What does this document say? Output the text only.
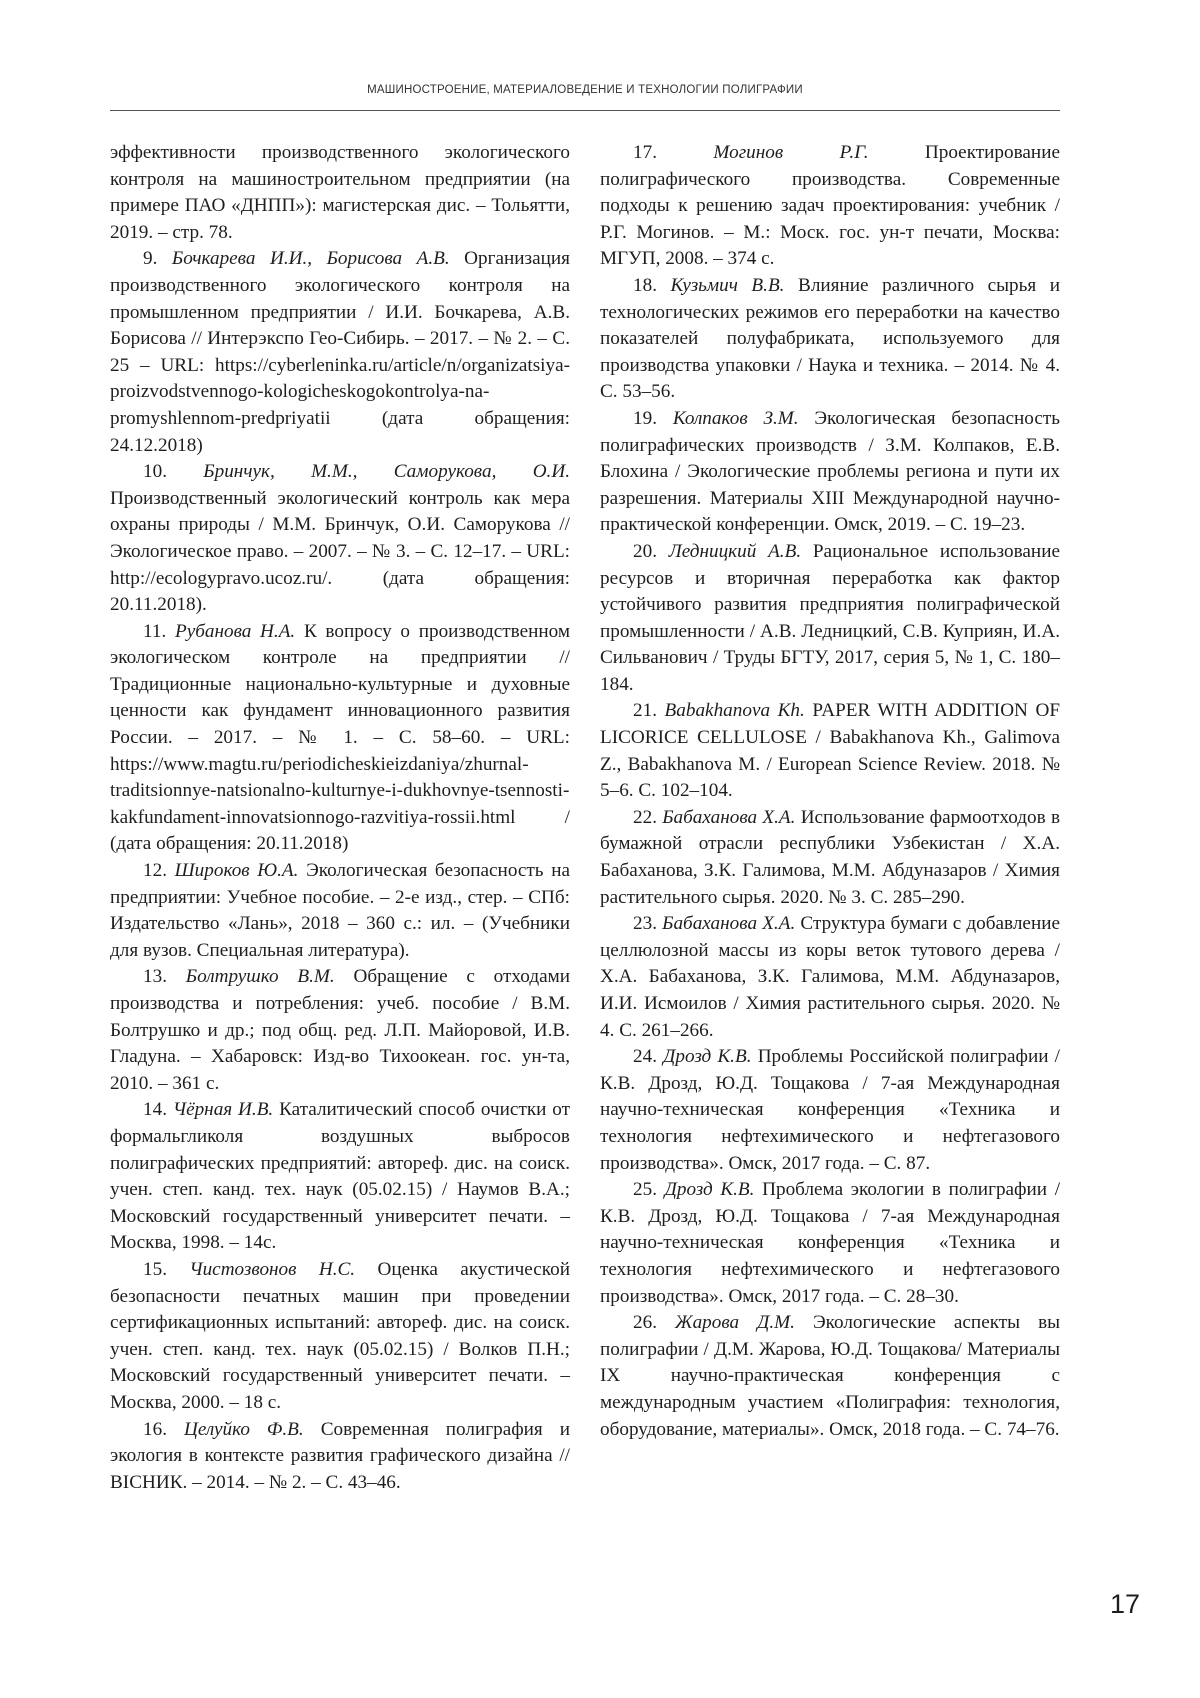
МАШИНОСТРОЕНИЕ, МАТЕРИАЛОВЕДЕНИЕ И ТЕХНОЛОГИИ ПОЛИГРАФИИ

эффективности производственного экологического контроля на машиностроительном предприятии (на примере ПАО «ДНПП»): магистерская дис. – Тольятти, 2019. – стр. 78.

9. Бочкарева И.И., Борисова А.В. Организация производственного экологического контроля на промышленном предприятии / И.И. Бочкарева, А.В. Борисова // Интерэкспо Гео-Сибирь. – 2017. – № 2. – С. 25 – URL: https://cyberleninka.ru/article/n/organizatsiya-proizvodstvennogo-kologicheskogokontrolya-na-promyshlennom-predpriyatii (дата обращения: 24.12.2018)

10. Бринчук, М.М., Саморукова, О.И. Производственный экологический контроль как мера охраны природы / М.М. Бринчук, О.И. Саморукова // Экологическое право. – 2007. – № 3. – С. 12–17. – URL: http://ecologypravo.ucoz.ru/. (дата обращения: 20.11.2018).

11. Рубанова Н.А. К вопросу о производственном экологическом контроле на предприятии // Традиционные национально-культурные и духовные ценности как фундамент инновационного развития России. – 2017. – № 1. – С. 58–60. – URL: https://www.magtu.ru/periodicheskieizdaniya/zhurnal-traditsionnye-natsionalno-kulturnye-i-dukhovnye-tsennosti-kakfundament-innovatsionnogo-razvitiya-rossii.html / (дата обращения: 20.11.2018)

12. Широков Ю.А. Экологическая безопасность на предприятии: Учебное пособие. – 2-е изд., стер. – СПб: Издательство «Лань», 2018 – 360 с.: ил. – (Учебники для вузов. Специальная литература).

13. Болтрушко В.М. Обращение с отходами производства и потребления: учеб. пособие / В.М. Болтрушко и др.; под общ. ред. Л.П. Майоровой, И.В. Гладуна. – Хабаровск: Изд-во Тихоокеан. гос. ун-та, 2010. – 361 с.

14. Чёрная И.В. Каталитический способ очистки от формальгликоля воздушных выбросов полиграфических предприятий: автореф. дис. на соиск. учен. степ. канд. тех. наук (05.02.15) / Наумов В.А.; Московский государственный университет печати. – Москва, 1998. – 14с.

15. Чистозвонов Н.С. Оценка акустической безопасности печатных машин при проведении сертификационных испытаний: автореф. дис. на соиск. учен. степ. канд. тех. наук (05.02.15) / Волков П.Н.; Московский государственный университет печати. – Москва, 2000. – 18 с.

16. Целуйко Ф.В. Современная полиграфия и экология в контексте развития графического дизайна // ВIСНИК. – 2014. – № 2. – С. 43–46.

17.	Могинов Р.Г.	Проектирование полиграфического производства. Современные подходы к решению задач проектирования: учебник / Р.Г. Могинов. – М.: Моск. гос. ун-т печати, Москва: МГУП, 2008. – 374 с.

18. Кузьмич В.В. Влияние различного сырья и технологических режимов его переработки на качество показателей полуфабриката, используемого для производства упаковки / Наука и техника. – 2014. № 4. С. 53–56.

19. Колпаков З.М. Экологическая безопасность полиграфических производств / З.М. Колпаков, Е.В. Блохина / Экологические проблемы региона и пути их разрешения. Материалы XIII Международной научно-практической конференции. Омск, 2019. – С. 19–23.

20. Ледницкий А.В. Рациональное использование ресурсов и вторичная переработка как фактор устойчивого развития предприятия полиграфической промышленности / А.В. Ледницкий, С.В. Куприян, И.А. Сильванович / Труды БГТУ, 2017, серия 5, № 1, С. 180–184.

21. Babakhanova Kh. PAPER WITH ADDITION OF LICORICE CELLULOSE / Babakhanova Kh., Galimova Z., Babakhanova M. / European Science Review. 2018. № 5–6. С. 102–104.

22. Бабаханова Х.А. Использование фармоотходов в бумажной отрасли республики Узбекистан / Х.А. Бабаханова, З.К. Галимова, М.М. Абдуназаров / Химия растительного сырья. 2020. № 3. С. 285–290.

23. Бабаханова Х.А. Структура бумаги с добавление целлюлозной массы из коры веток тутового дерева / Х.А. Бабаханова, З.К. Галимова, М.М. Абдуназаров, И.И. Исмоилов / Химия растительного сырья. 2020. № 4. С. 261–266.

24. Дрозд К.В. Проблемы Российской полиграфии / К.В. Дрозд, Ю.Д. Тощакова / 7-ая Международная научно-техническая конференция «Техника и технология нефтехимического и нефтегазового производства». Омск, 2017 года. – С. 87.

25. Дрозд К.В. Проблема экологии в полиграфии / К.В. Дрозд, Ю.Д. Тощакова / 7-ая Международная научно-техническая конференция «Техника и технология нефтехимического и нефтегазового производства». Омск, 2017 года. – С. 28–30.

26. Жарова Д.М. Экологические аспекты вы полиграфии / Д.М. Жарова, Ю.Д. Тощакова/ Материалы IX научно-практическая конференция с международным участием «Полиграфия: технология, оборудование, материалы». Омск, 2018 года. – С. 74–76.

17
